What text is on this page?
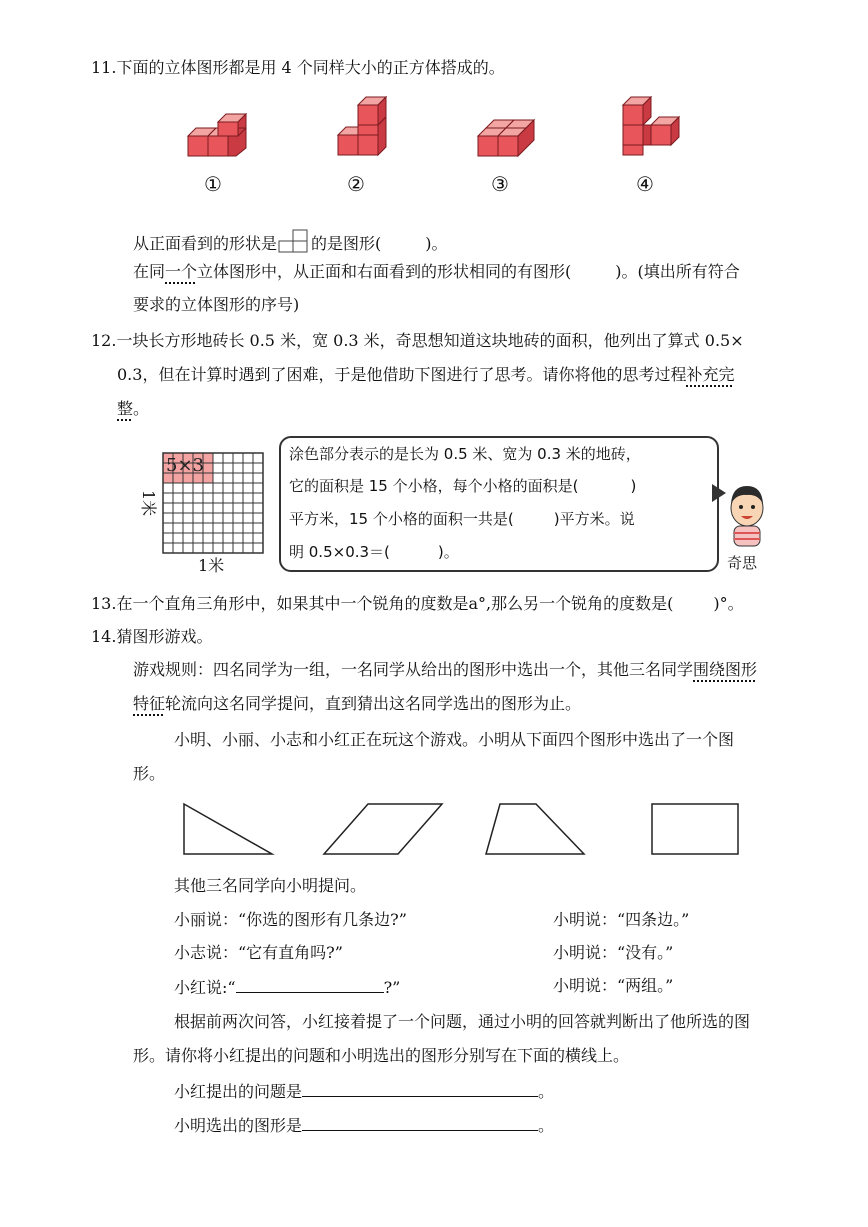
11.下面的立体图形都是用 4 个同样大小的正方体搭成的。
①	②	③	④
从正面看到的形状是 的是图形(	)。
在同一个立体图形中，从正面和右面看到的形状相同的有图形(	)。(填出所有符合
要求的立体图形的序号)
12.一块长方形地砖长 0.5 米，宽 0.3 米，奇思想知道这块地砖的面积，他列出了算式 0.5×
0.3，但在计算时遇到了困难，于是他借助下图进行了思考。请你将他的思考过程补充完
整。
5×3
1米
1米
涂色部分表示的是长为 0.5 米、宽为 0.3 米的地砖，
它的面积是 15 个小格，每个小格的面积是(	)
平方米，15 个小格的面积一共是(	)平方米。说
明 0.5×0.3＝(	)。
奇思
13.在一个直角三角形中，如果其中一个锐角的度数是a°,那么另一个锐角的度数是(	)°。
14.猜图形游戏。
游戏规则：四名同学为一组，一名同学从给出的图形中选出一个，其他三名同学围绕图形
特征轮流向这名同学提问，直到猜出这名同学选出的图形为止。
小明、小丽、小志和小红正在玩这个游戏。小明从下面四个图形中选出了一个图
形。
其他三名同学向小明提问。
小丽说：“你选的图形有几条边?”	小明说：“四条边。”
小志说：“它有直角吗?”	小明说：“没有。”
小红说:“	?”	小明说：“两组。”
根据前两次问答，小红接着提了一个问题，通过小明的回答就判断出了他所选的图
形。请你将小红提出的问题和小明选出的图形分别写在下面的横线上。
小红提出的问题是	。
小明选出的图形是	。
